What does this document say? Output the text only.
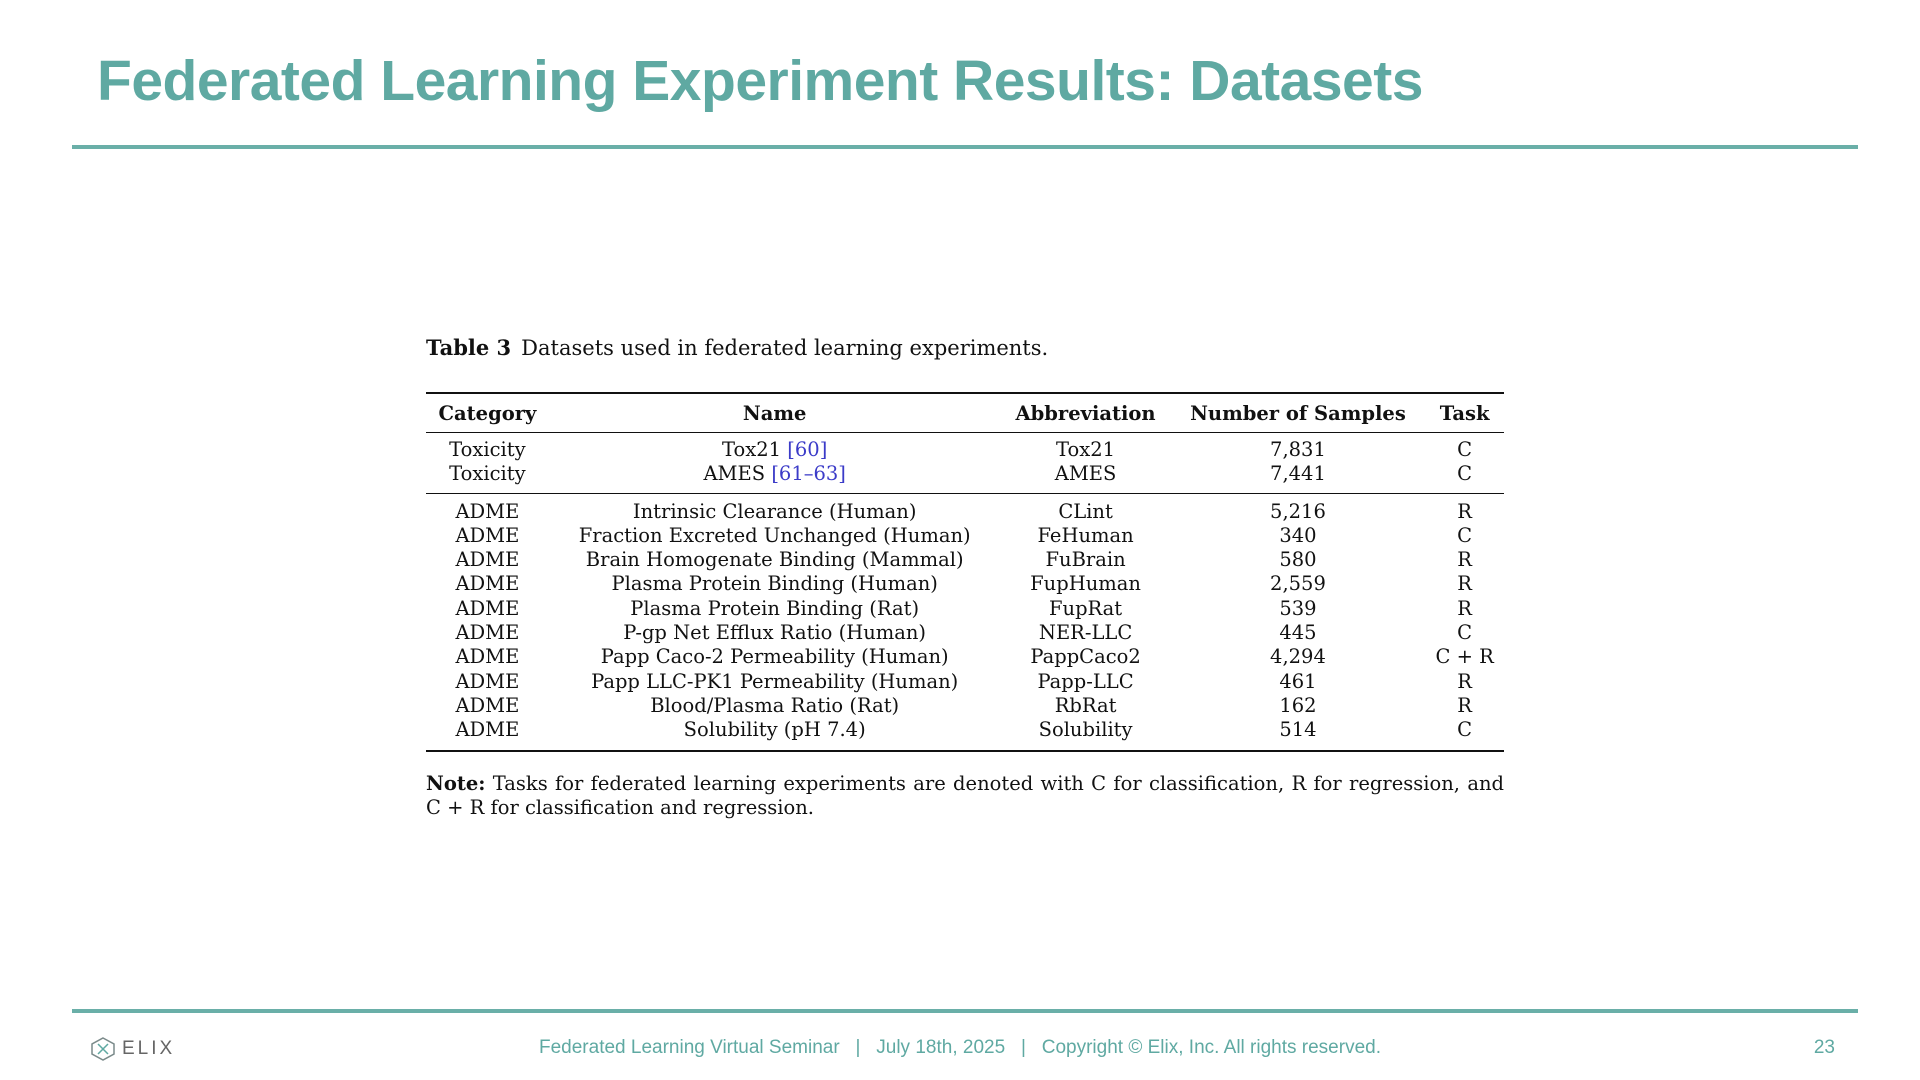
Federated Learning Experiment Results: Datasets
Table 3 Datasets used in federated learning experiments.
Category	Name	Abbreviation	Number of Samples	Task
Toxicity	Tox21 [60]	Tox21	7,831	C
Toxicity	AMES [61–63]	AMES	7,441	C
ADME	Intrinsic Clearance (Human)	CLint	5,216	R
ADME	Fraction Excreted Unchanged (Human)	FeHuman	340	C
ADME	Brain Homogenate Binding (Mammal)	FuBrain	580	R
ADME	Plasma Protein Binding (Human)	FupHuman	2,559	R
ADME	Plasma Protein Binding (Rat)	FupRat	539	R
ADME	P-gp Net Efflux Ratio (Human)	NER-LLC	445	C
ADME	Papp Caco-2 Permeability (Human)	PappCaco2	4,294	C + R
ADME	Papp LLC-PK1 Permeability (Human)	Papp-LLC	461	R
ADME	Blood/Plasma Ratio (Rat)	RbRat	162	R
ADME	Solubility (pH 7.4)	Solubility	514	C
Note: Tasks for federated learning experiments are denoted with C for classification, R for regression, and C + R for classification and regression.
ELIX	Federated Learning Virtual Seminar   |   July 18th, 2025   |   Copyright © Elix, Inc. All rights reserved.	23
